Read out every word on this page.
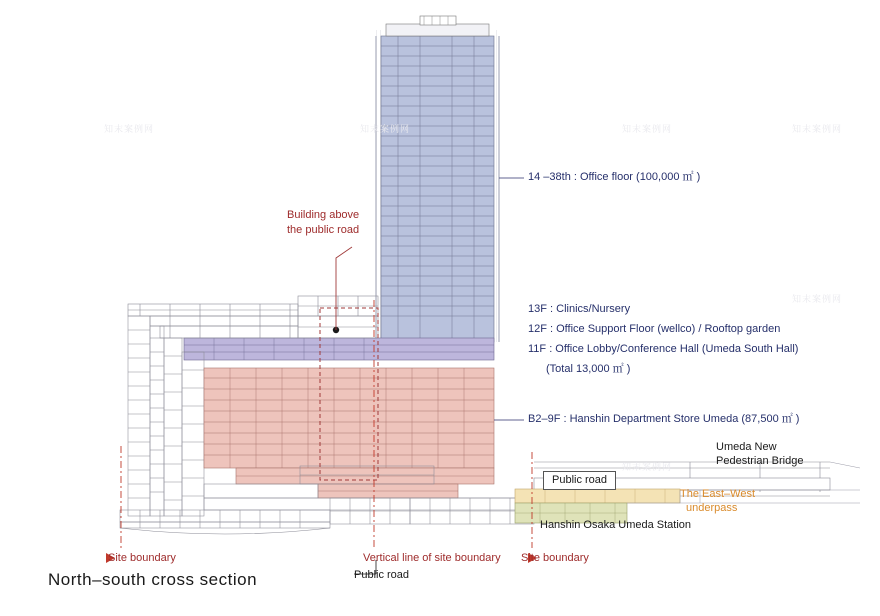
14 –38th : Office floor (100,000 ㎡ )
Building above
the public road
13F : Clinics/Nursery
12F : Office Support Floor (wellco) / Rooftop garden
11F : Office Lobby/Conference Hall (Umeda South Hall)
(Total 13,000 ㎡ )
B2–9F : Hanshin Department Store Umeda (87,500 ㎡ )
Umeda New
Pedestrian Bridge
Public road
The East–West
underpass
Hanshin Osaka Umeda Station
Site boundary	Site boundary
Vertical line of site boundary
Public road
North–south cross section
知末案例网	知末案例网	知末案例网	知末案例网
知末案例网
知末案例网
